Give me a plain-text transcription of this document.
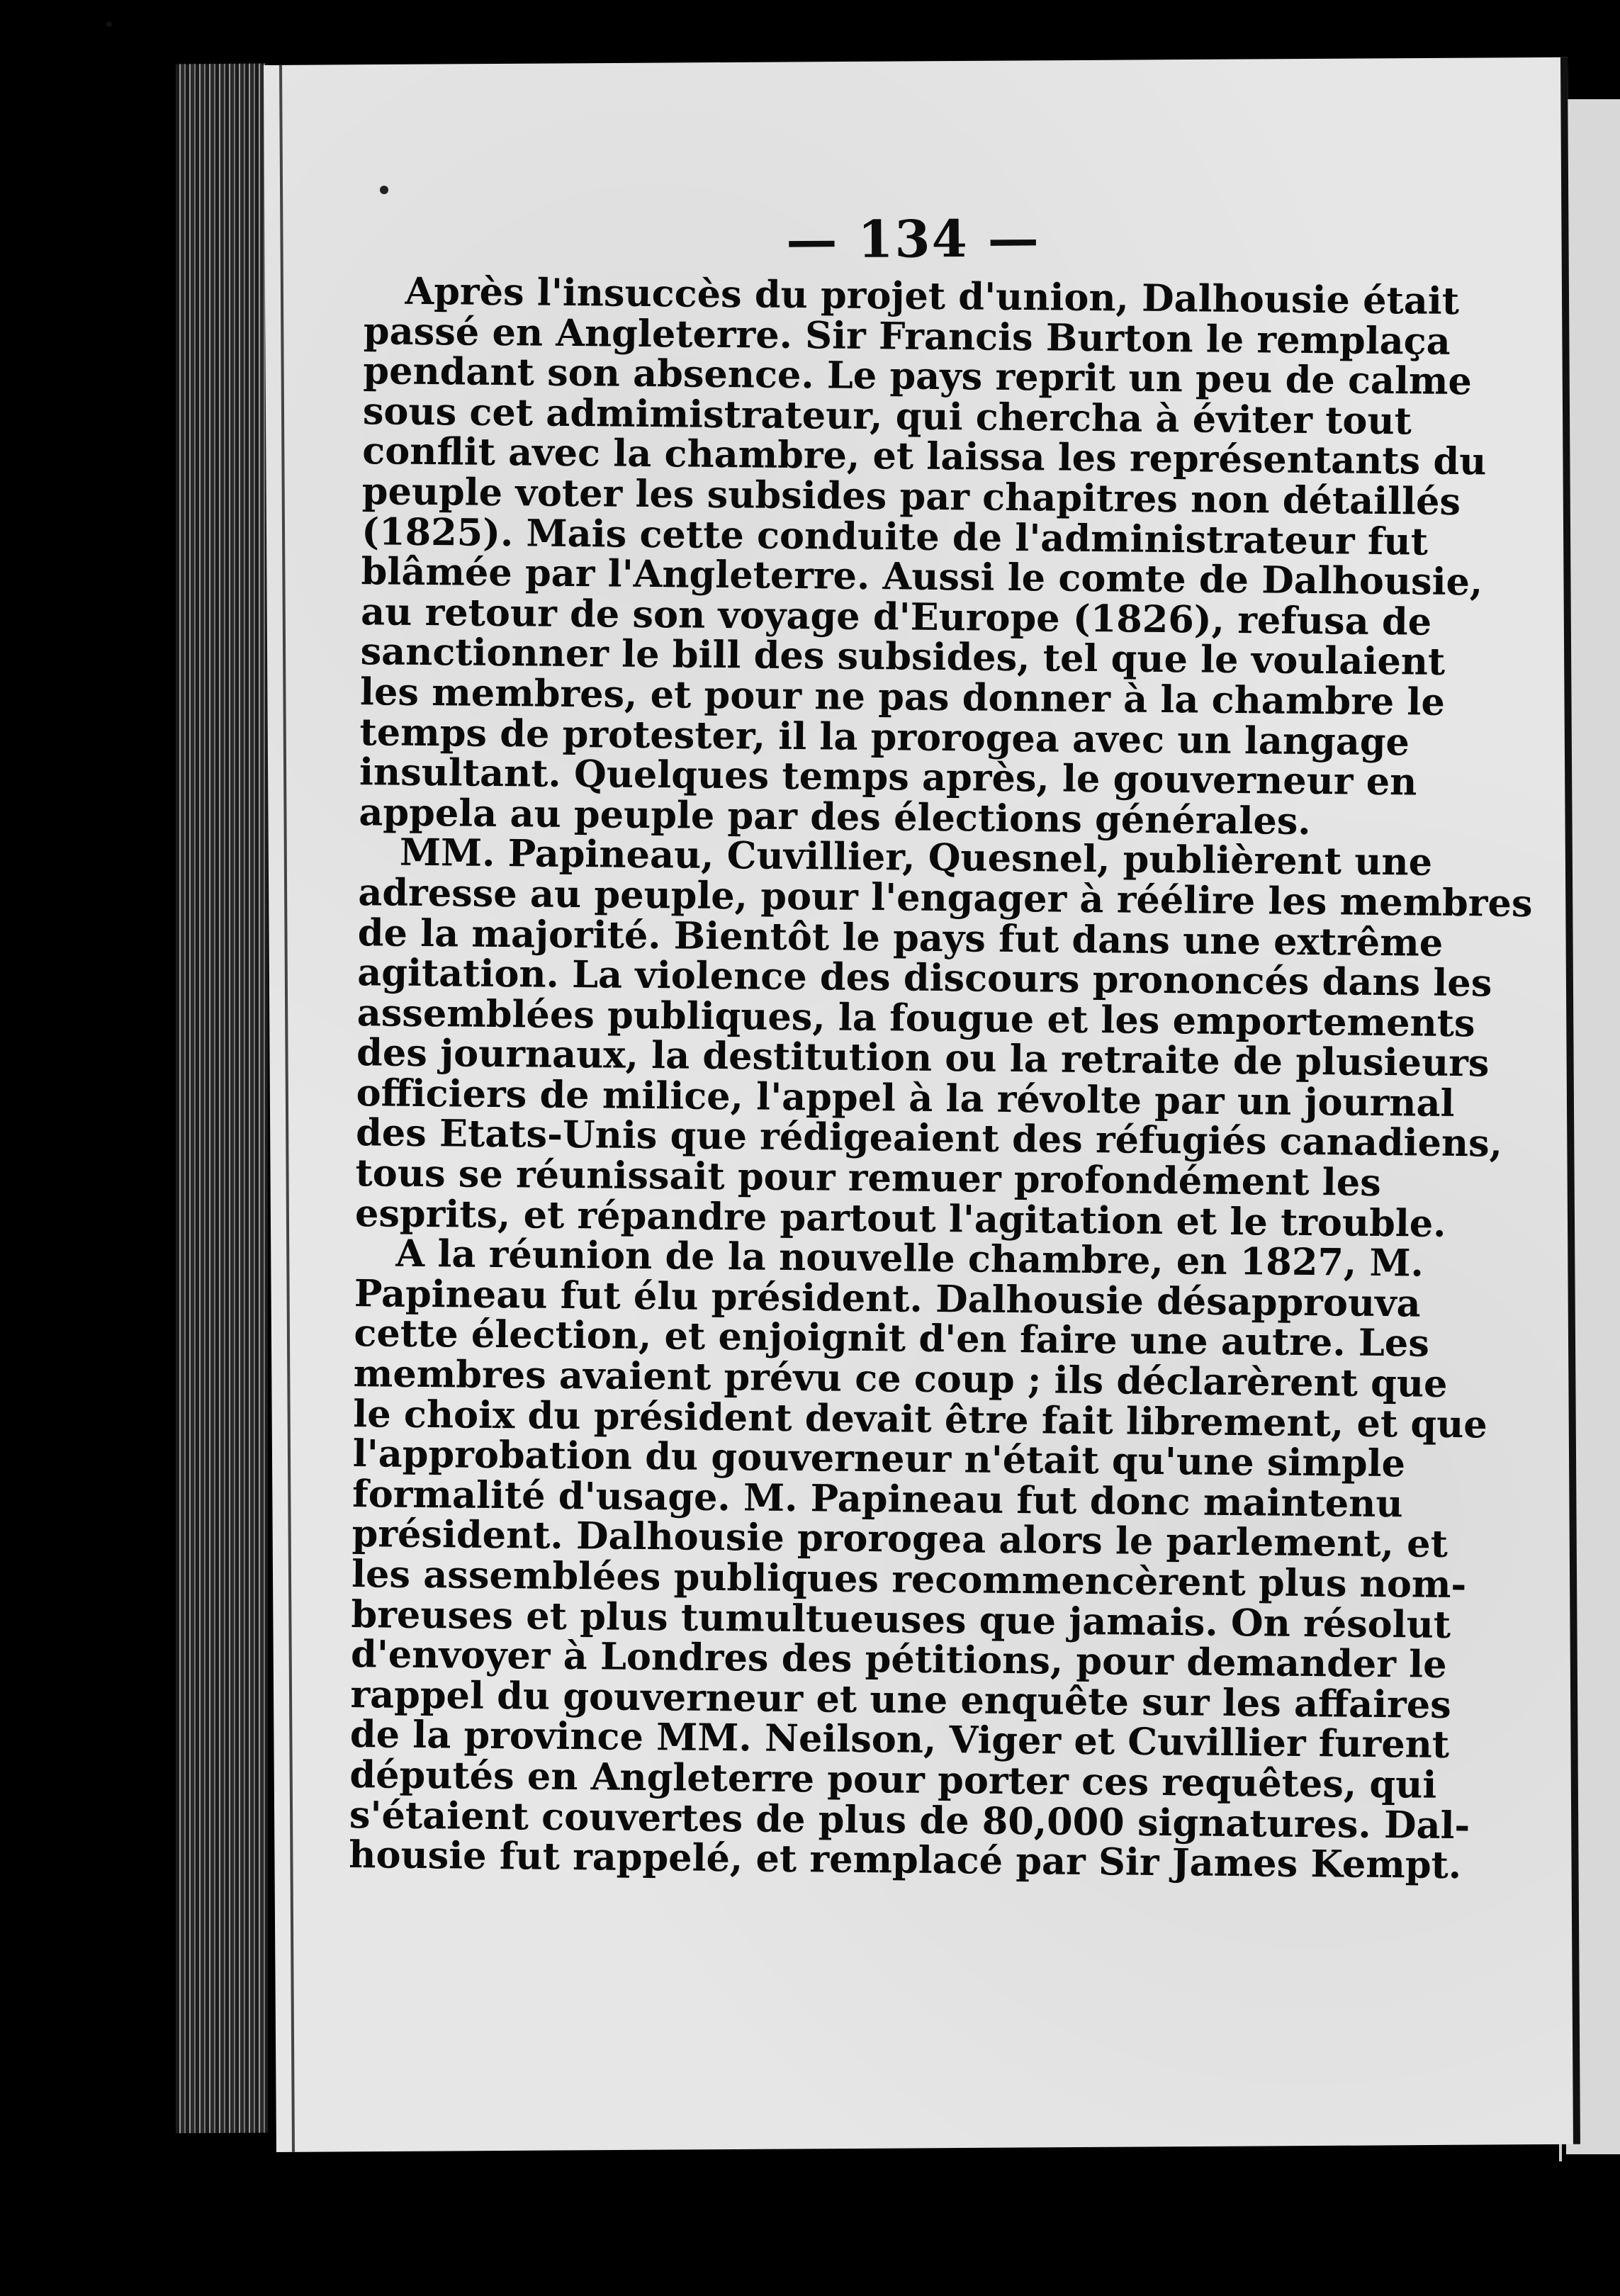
— 134 —
Après l'insuccès du projet d'union, Dalhousie était
passé en Angleterre. Sir Francis Burton le remplaça
pendant son absence. Le pays reprit un peu de calme
sous cet admimistrateur, qui chercha à éviter tout
conflit avec la chambre, et laissa les représentants du
peuple voter les subsides par chapitres non détaillés
(1825). Mais cette conduite de l'administrateur fut
blâmée par l'Angleterre. Aussi le comte de Dalhousie,
au retour de son voyage d'Europe (1826), refusa de
sanctionner le bill des subsides, tel que le voulaient
les membres, et pour ne pas donner à la chambre le
temps de protester, il la prorogea avec un langage
insultant. Quelques temps après, le gouverneur en
appela au peuple par des élections générales.
MM. Papineau, Cuvillier, Quesnel, publièrent une
adresse au peuple, pour l'engager à réélire les membres
de la majorité. Bientôt le pays fut dans une extrême
agitation. La violence des discours prononcés dans les
assemblées publiques, la fougue et les emportements
des journaux, la destitution ou la retraite de plusieurs
officiers de milice, l'appel à la révolte par un journal
des Etats-Unis que rédigeaient des réfugiés canadiens,
tous se réunissait pour remuer profondément les
esprits, et répandre partout l'agitation et le trouble.
A la réunion de la nouvelle chambre, en 1827, M.
Papineau fut élu président. Dalhousie désapprouva
cette élection, et enjoignit d'en faire une autre. Les
membres avaient prévu ce coup ; ils déclarèrent que
le choix du président devait être fait librement, et que
l'approbation du gouverneur n'était qu'une simple
formalité d'usage. M. Papineau fut donc maintenu
président. Dalhousie prorogea alors le parlement, et
les assemblées publiques recommencèrent plus nom-
breuses et plus tumultueuses que jamais. On résolut
d'envoyer à Londres des pétitions, pour demander le
rappel du gouverneur et une enquête sur les affaires
de la province MM. Neilson, Viger et Cuvillier furent
députés en Angleterre pour porter ces requêtes, qui
s'étaient couvertes de plus de 80,000 signatures. Dal-
housie fut rappelé, et remplacé par Sir James Kempt.
